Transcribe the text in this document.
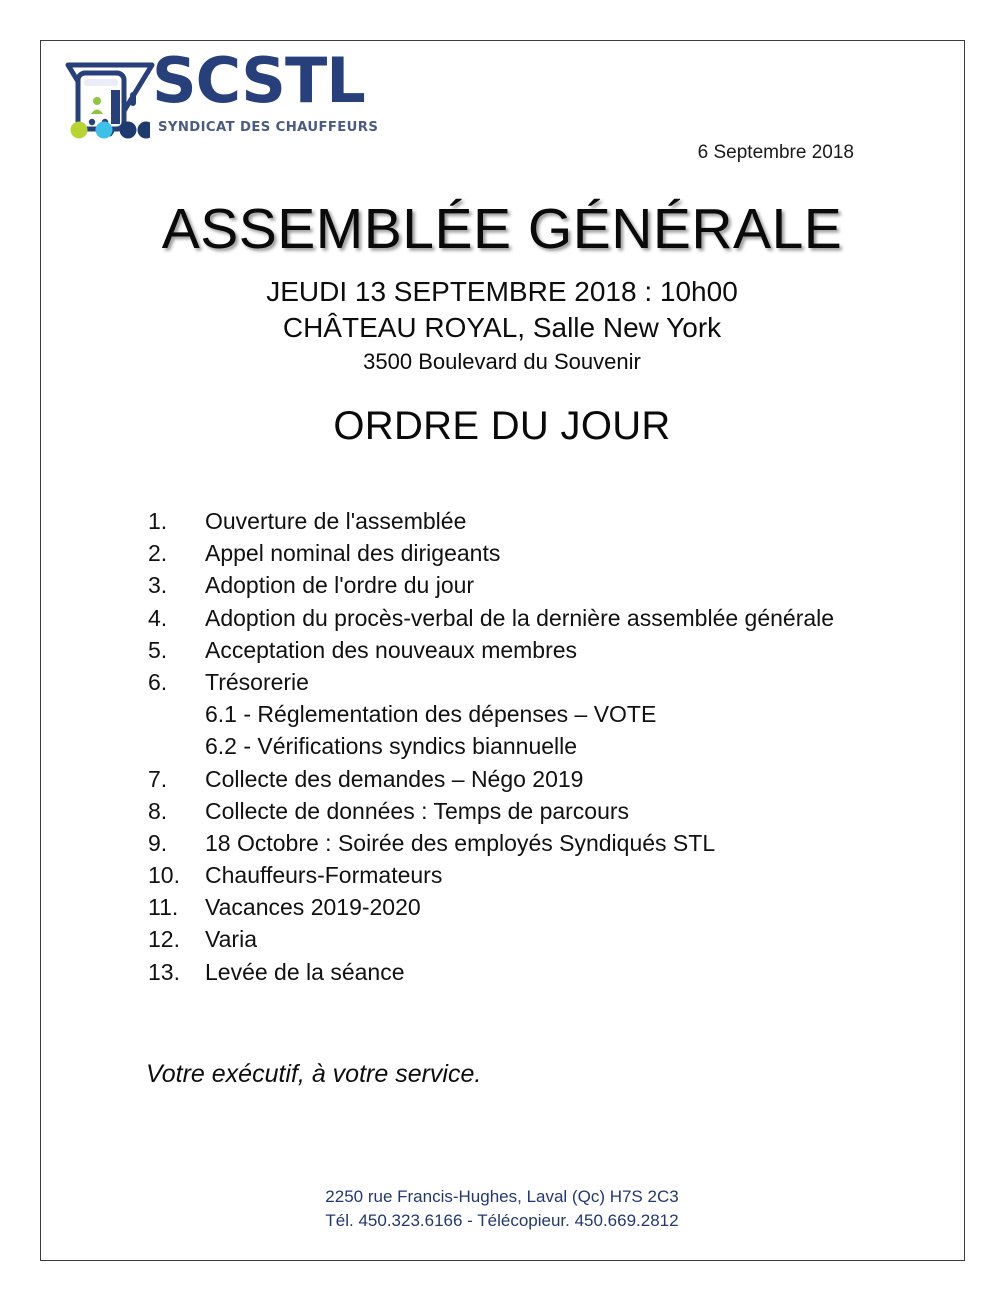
SCSTL
SYNDICAT DES CHAUFFEURS
6 Septembre 2018
ASSEMBLÉE GÉNÉRALE
JEUDI 13 SEPTEMBRE 2018 : 10h00
CHÂTEAU ROYAL, Salle New York
3500 Boulevard du Souvenir
ORDRE DU JOUR
1.	Ouverture de l'assemblée
2.	Appel nominal des dirigeants
3.	Adoption de l'ordre du jour
4.	Adoption du procès-verbal de la dernière assemblée générale
5.	Acceptation des nouveaux membres
6.	Trésorerie
6.1 - Réglementation des dépenses – VOTE
6.2 - Vérifications syndics biannuelle
7.	Collecte des demandes – Négo 2019
8.	Collecte de données : Temps de parcours
9.	18 Octobre : Soirée des employés Syndiqués STL
10.	Chauffeurs-Formateurs
11.	Vacances 2019-2020
12.	Varia
13.	Levée de la séance
Votre exécutif, à votre service.
2250 rue Francis-Hughes, Laval (Qc) H7S 2C3
Tél. 450.323.6166 - Télécopieur. 450.669.2812
